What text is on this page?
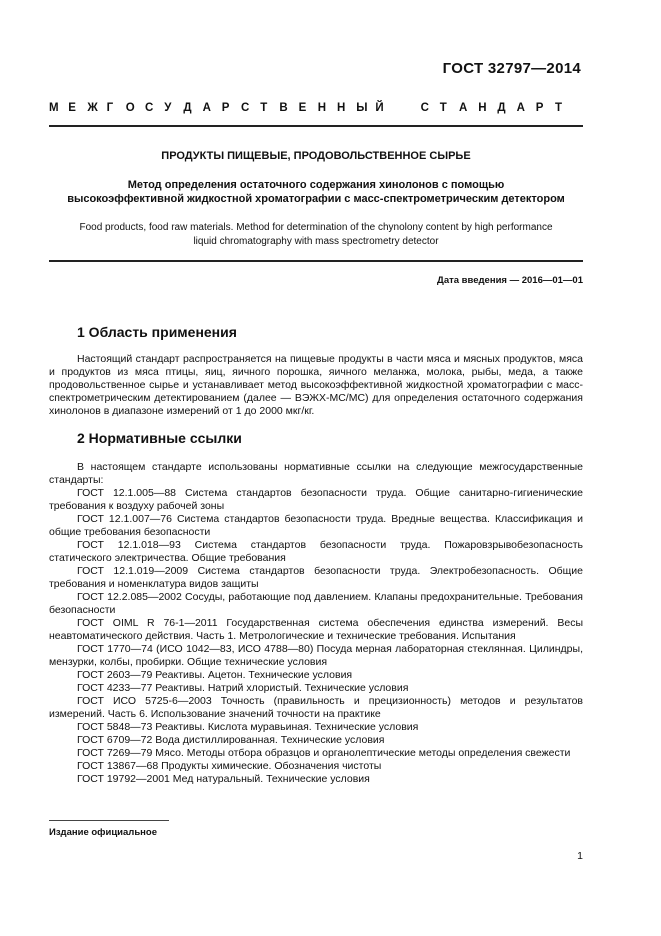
ГОСТ 32797—2014
М Е Ж Г О С У Д А Р С Т В Е Н Н Ы Й	С Т А Н Д А Р Т
ПРОДУКТЫ ПИЩЕВЫЕ, ПРОДОВОЛЬСТВЕННОЕ СЫРЬЕ
Метод определения остаточного содержания хинолонов с помощью
высокоэффективной жидкостной хроматографии с масс-спектрометрическим детектором
Food products, food raw materials. Method for determination of the chynolony content by high performance
liquid chromatography with mass spectrometry detector
Дата введения — 2016—01—01
1 Область применения
Настоящий стандарт распространяется на пищевые продукты в части мяса и мясных продуктов, мяса и продуктов из мяса птицы, яиц, яичного порошка, яичного меланжа, молока, рыбы, меда, а также продовольственное сырье и устанавливает метод высокоэффективной жидкостной хроматографии с масс-спектрометрическим детектированием (далее — ВЭЖХ-МС/МС) для определения остаточного содержания хинолонов в диапазоне измерений от 1 до 2000 мкг/кг.
2 Нормативные ссылки
В настоящем стандарте использованы нормативные ссылки на следующие межгосударственные стандарты:
ГОСТ 12.1.005—88 Система стандартов безопасности труда. Общие санитарно-гигиенические требования к воздуху рабочей зоны
ГОСТ 12.1.007—76 Система стандартов безопасности труда. Вредные вещества. Классификация и общие требования безопасности
ГОСТ 12.1.018—93 Система стандартов безопасности труда. Пожаровзрывобезопасность статического электричества. Общие требования
ГОСТ 12.1.019—2009 Система стандартов безопасности труда. Электробезопасность. Общие требования и номенклатура видов защиты
ГОСТ 12.2.085—2002 Сосуды, работающие под давлением. Клапаны предохранительные. Требования безопасности
ГОСТ OIML R 76-1—2011 Государственная система обеспечения единства измерений. Весы неавтоматического действия. Часть 1. Метрологические и технические требования. Испытания
ГОСТ 1770—74 (ИСО 1042—83, ИСО 4788—80) Посуда мерная лабораторная стеклянная. Цилиндры, мензурки, колбы, пробирки. Общие технические условия
ГОСТ 2603—79 Реактивы. Ацетон. Технические условия
ГОСТ 4233—77 Реактивы. Натрий хлористый. Технические условия
ГОСТ ИСО 5725-6—2003 Точность (правильность и прецизионность) методов и результатов измерений. Часть 6. Использование значений точности на практике
ГОСТ 5848—73 Реактивы. Кислота муравьиная. Технические условия
ГОСТ 6709—72 Вода дистиллированная. Технические условия
ГОСТ 7269—79 Мясо. Методы отбора образцов и органолептические методы определения свежести
ГОСТ 13867—68 Продукты химические. Обозначения чистоты
ГОСТ 19792—2001 Мед натуральный. Технические условия
Издание официальное
1
